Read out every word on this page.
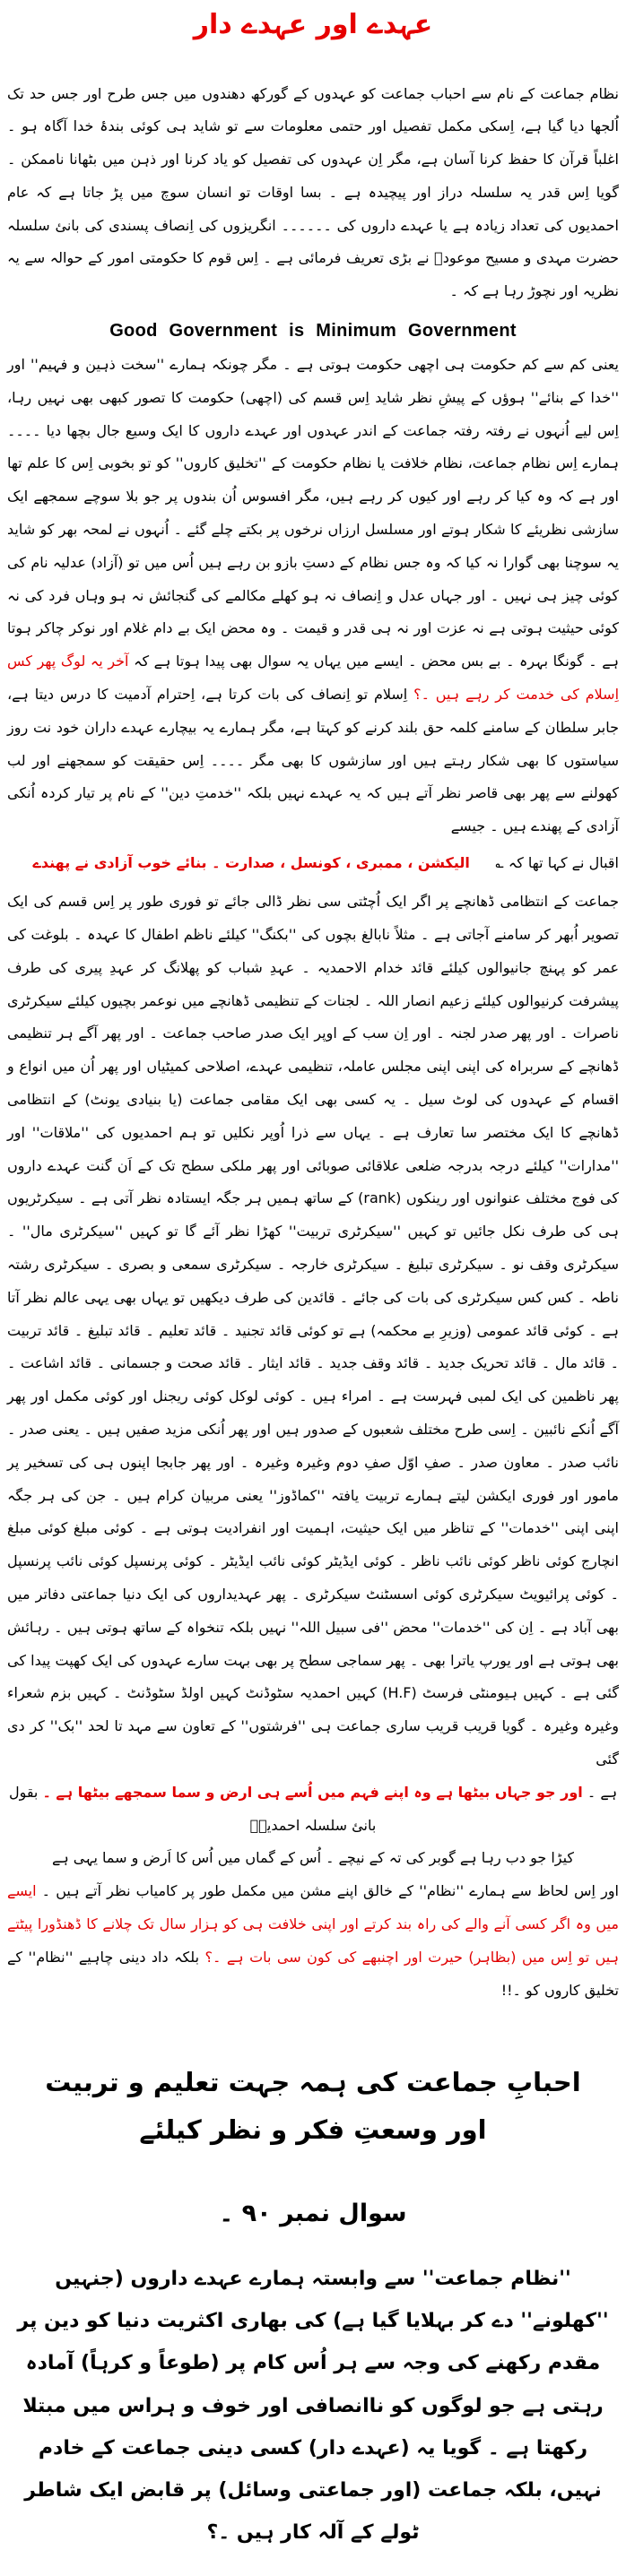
عہدے اور عہدے دار

نظام جماعت کے نام سے احباب جماعت کو عہدوں کے گورکھ دھندوں میں جس طرح اور جس حد تک اُلجھا دیا گیا ہے، اِسکی مکمل تفصیل اور حتمی معلومات سے تو شاید ہی کوئی بندۂ خدا آگاہ ہو ۔ اغلباً قرآن کا حفظ کرنا آسان ہے، مگر اِن عہدوں کی تفصیل کو یاد کرنا اور ذہن میں بٹھانا ناممکن ۔ گویا اِس قدر یہ سلسلہ دراز اور پیچیدہ ہے ۔ بسا اوقات تو انسان سوچ میں پڑ جاتا ہے کہ عام احمدیوں کی تعداد زیادہ ہے یا عہدے داروں کی ۔۔۔۔۔۔ انگریزوں کی اِنصاف پسندی کی بانئ سلسلہ حضرت مہدی و مسیح موعودؑ نے بڑی تعریف فرمائی ہے ۔ اِس قوم کا حکومتی امور کے حوالہ سے یہ نظریہ اور نچوڑ رہا ہے کہ ۔

Good Government is Minimum Government

یعنی کم سے کم حکومت ہی اچھی حکومت ہوتی ہے ۔ مگر چونکہ ہمارے ''سخت ذہین و فہیم'' اور ''خدا کے بنائے'' ہوؤں کے پیشِ نظر شاید اِس قسم کی (اچھی) حکومت کا تصور کبھی بھی نہیں رہا، اِس لیے اُنہوں نے رفتہ رفتہ جماعت کے اندر عہدوں اور عہدے داروں کا ایک وسیع جال بچھا دیا ۔۔۔۔ ہمارے اِس نظام جماعت، نظام خلافت یا نظام حکومت کے ''تخلیق کاروں'' کو تو بخوبی اِس کا علم تھا اور ہے کہ وہ کیا کر رہے اور کیوں کر رہے ہیں، مگر افسوس اُن بندوں پر جو بلا سوچے سمجھے ایک سازشی نظریئے کا شکار ہوتے اور مسلسل ارزاں نرخوں پر بکتے چلے گئے ۔ اُنہوں نے لمحہ بھر کو شاید یہ سوچنا بھی گوارا نہ کیا کہ وہ جس نظام کے دستِ بازو بن رہے ہیں اُس میں تو (آزاد) عدلیہ نام کی کوئی چیز ہی نہیں ۔ اور جہاں عدل و اِنصاف نہ ہو کھلے مکالمے کی گنجائش نہ ہو وہاں فرد کی نہ کوئی حیثیت ہوتی ہے نہ عزت اور نہ ہی قدر و قیمت ۔ وہ محض ایک بے دام غلام اور نوکر چاکر ہوتا ہے ۔ گونگا بہرہ ۔ بے بس محض ۔ ایسے میں یہاں یہ سوال بھی پیدا ہوتا ہے کہ آخر یہ لوگ پھر کس اِسلام کی خدمت کر رہے ہیں ۔؟ اِسلام تو اِنصاف کی بات کرتا ہے، اِحترام آدمیت کا درس دیتا ہے، جابر سلطان کے سامنے کلمہ حق بلند کرنے کو کہتا ہے، مگر ہمارے یہ بیچارے عہدے داران خود نت روز سیاستوں کا بھی شکار رہتے ہیں اور سازشوں کا بھی مگر ۔۔۔۔ اِس حقیقت کو سمجھنے اور لب کھولنے سے پھر بھی قاصر نظر آتے ہیں کہ یہ عہدے نہیں بلکہ ''خدمتِ دین'' کے نام پر تیار کردہ اُنکی آزادی کے پھندے ہیں ۔ جیسے

اقبال نے کہا تھا کہ ؎
الیکشن ، ممبری ، کونسل ، صدارت ۔ بنائے خوب آزادی نے پھندے

جماعت کے انتظامی ڈھانچے پر اگر ایک اُچٹتی سی نظر ڈالی جائے تو فوری طور پر اِس قسم کی ایک تصویر اُبھر کر سامنے آجاتی ہے ۔ مثلاً نابالغ بچوں کی ''بکنگ'' کیلئے ناظم اطفال کا عہدہ ۔ بلوغت کی عمر کو پہنچ جانیوالوں کیلئے قائد خدام الاحمدیہ ۔ عہدِ شباب کو پھلانگ کر عہدِ پیری کی طرف پیشرفت کرنیوالوں کیلئے زعیم انصار اللہ ۔ لجنات کے تنظیمی ڈھانچے میں نوعمر بچیوں کیلئے سیکرٹری ناصرات ۔ اور پھر صدر لجنہ ۔ اور اِن سب کے اوپر ایک صدر صاحب جماعت ۔ اور پھر آگے ہر تنظیمی ڈھانچے کے سربراہ کی اپنی اپنی مجلس عاملہ، تنظیمی عہدے، اصلاحی کمیٹیاں اور پھر اُن میں انواع و اقسام کے عہدوں کی لوٹ سیل ۔ یہ کسی بھی ایک مقامی جماعت (یا بنیادی یونٹ) کے انتظامی ڈھانچے کا ایک مختصر سا تعارف ہے ۔ یہاں سے ذرا اُوپر نکلیں تو ہم احمدیوں کی ''ملاقات'' اور ''مدارات'' کیلئے درجہ بدرجہ ضلعی علاقائی صوبائی اور پھر ملکی سطح تک کے اَن گنت عہدے داروں کی فوج مختلف عنوانوں اور رینکوں (rank) کے ساتھ ہمیں ہر جگہ ایستادہ نظر آتی ہے ۔ سیکرٹریوں ہی کی طرف نکل جائیں تو کہیں ''سیکرٹری تربیت'' کھڑا نظر آئے گا تو کہیں ''سیکرٹری مال'' ۔ سیکرٹری وقف نو ۔ سیکرٹری تبلیغ ۔ سیکرٹری خارجہ ۔ سیکرٹری سمعی و بصری ۔ سیکرٹری رشتہ ناطہ ۔ کس کس سیکرٹری کی بات کی جائے ۔ قائدین کی طرف دیکھیں تو یہاں بھی یہی عالم نظر آتا ہے ۔ کوئی قائد عمومی (وزیرِ بے محکمہ) ہے تو کوئی قائد تجنید ۔ قائد تعلیم ۔ قائد تبلیغ ۔ قائد تربیت ۔ قائد مال ۔ قائد تحریک جدید ۔ قائد وقف جدید ۔ قائد ایثار ۔ قائد صحت و جسمانی ۔ قائد اشاعت ۔ پھر ناظمین کی ایک لمبی فہرست ہے ۔ امراء ہیں ۔ کوئی لوکل کوئی ریجنل اور کوئی مکمل اور پھر آگے اُنکے نائبین ۔ اِسی طرح مختلف شعبوں کے صدور ہیں اور پھر اُنکی مزید صفیں ہیں ۔ یعنی صدر ۔ نائب صدر ۔ معاون صدر ۔ صفِ اوّل صفِ دوم وغیرہ وغیرہ ۔ اور پھر جابجا اپنوں ہی کی تسخیر پر مامور اور فوری ایکشن لیتے ہمارے تربیت یافتہ ''کماڈوز'' یعنی مربیان کرام ہیں ۔ جن کی ہر جگہ اپنی اپنی ''خدمات'' کے تناظر میں ایک حیثیت، اہمیت اور انفرادیت ہوتی ہے ۔ کوئی مبلغ کوئی مبلغ انچارج کوئی ناظر کوئی نائب ناظر ۔ کوئی ایڈیٹر کوئی نائب ایڈیٹر ۔ کوئی پرنسپل کوئی نائب پرنسپل ۔ کوئی پرائیویٹ سیکرٹری کوئی اسسٹنٹ سیکرٹری ۔ پھر عہدیداروں کی ایک دنیا جماعتی دفاتر میں بھی آباد ہے ۔ اِن کی ''خدمات'' محض ''فی سبیل اللہ'' نہیں بلکہ تنخواہ کے ساتھ ہوتی ہیں ۔ رہائش بھی ہوتی ہے اور یورپ یاترا بھی ۔ پھر سماجی سطح پر بھی بہت سارے عہدوں کی ایک کھپت پیدا کی گئی ہے ۔ کہیں ہیومنٹی فرسٹ (H.F) کہیں احمدیہ سٹوڈنٹ کہیں اولڈ سٹوڈنٹ ۔ کہیں بزم شعراء وغیرہ وغیرہ ۔ گویا قریب قریب ساری جماعت ہی ''فرشتوں'' کے تعاون سے مہد تا لحد ''بک'' کر دی گئی

ہے ۔ اور جو جہاں بیٹھا ہے وہ اپنے فہم میں اُسے ہی ارض و سما سمجھے بیٹھا ہے ۔ بقول بانئ سلسلہ احمدیہؑ

کیڑا جو دب رہا ہے گوبر کی تہ کے نیچے ۔ اُس کے گماں میں اُس کا اَرض و سما یہی ہے

اور اِس لحاظ سے ہمارے ''نظام'' کے خالق اپنے مشن میں مکمل طور پر کامیاب نظر آتے ہیں ۔ ایسے میں وہ اگر کسی آنے والے کی راہ بند کرتے اور اپنی خلافت ہی کو ہزار سال تک چلانے کا ڈھنڈورا پیٹتے ہیں تو اِس میں (بظاہر) حیرت اور اچنبھے کی کون سی بات ہے ۔؟ بلکہ داد دینی چاہیے ''نظام'' کے تخلیق کاروں کو ۔!!

احبابِ جماعت کی ہمہ جہت تعلیم و تربیت اور وسعتِ فکر و نظر کیلئے
سوال نمبر ۹۰ ۔

''نظام جماعت'' سے وابستہ ہمارے عہدے داروں (جنہیں ''کھلونے'' دے کر بہلایا گیا ہے) کی بھاری اکثریت دنیا کو دین پر مقدم رکھنے کی وجہ سے ہر اُس کام پر (طوعاً و کرہاً) آمادہ رہتی ہے جو لوگوں کو ناانصافی اور خوف و ہراس میں مبتلا رکھتا ہے ۔ گویا یہ (عہدے دار) کسی دینی جماعت کے خادم نہیں، بلکہ جماعت (اور جماعتی وسائل) پر قابض ایک شاطر ٹولے کے آلہ کار ہیں ۔؟
